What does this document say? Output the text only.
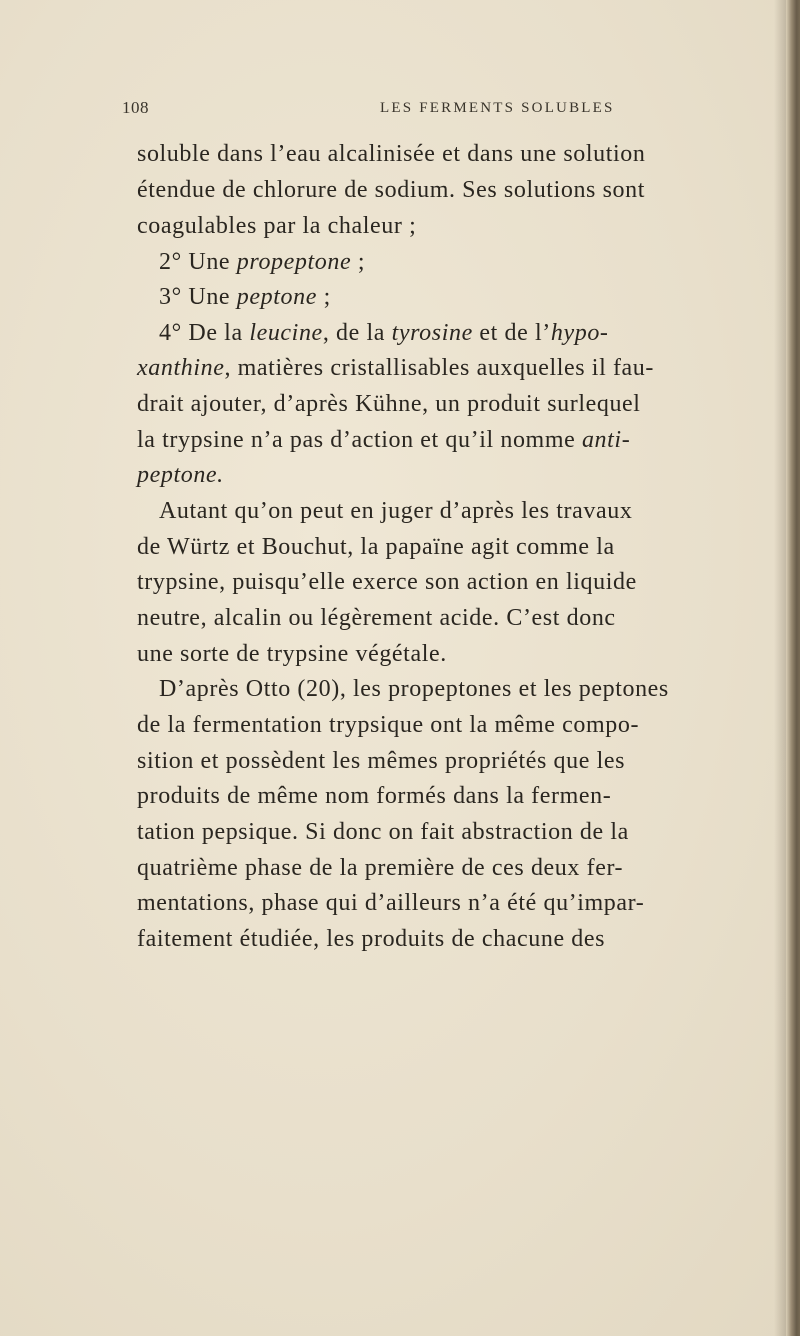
108	LES FERMENTS SOLUBLES
soluble dans l’eau alcalinisée et dans une solution
étendue de chlorure de sodium. Ses solutions sont
coagulables par la chaleur ;
2° Une propeptone ;
3° Une peptone ;
4° De la leucine, de la tyrosine et de l’hypo-
xanthine, matières cristallisables auxquelles il fau-
drait ajouter, d’après Kühne, un produit surlequel
la trypsine n’a pas d’action et qu’il nomme anti-
peptone.
Autant qu’on peut en juger d’après les travaux
de Würtz et Bouchut, la papaïne agit comme la
trypsine, puisqu’elle exerce son action en liquide
neutre, alcalin ou légèrement acide. C’est donc
une sorte de trypsine végétale.
D’après Otto (20), les propeptones et les peptones
de la fermentation trypsique ont la même compo-
sition et possèdent les mêmes propriétés que les
produits de même nom formés dans la fermen-
tation pepsique. Si donc on fait abstraction de la
quatrième phase de la première de ces deux fer-
mentations, phase qui d’ailleurs n’a été qu’impar-
faitement étudiée, les produits de chacune des
